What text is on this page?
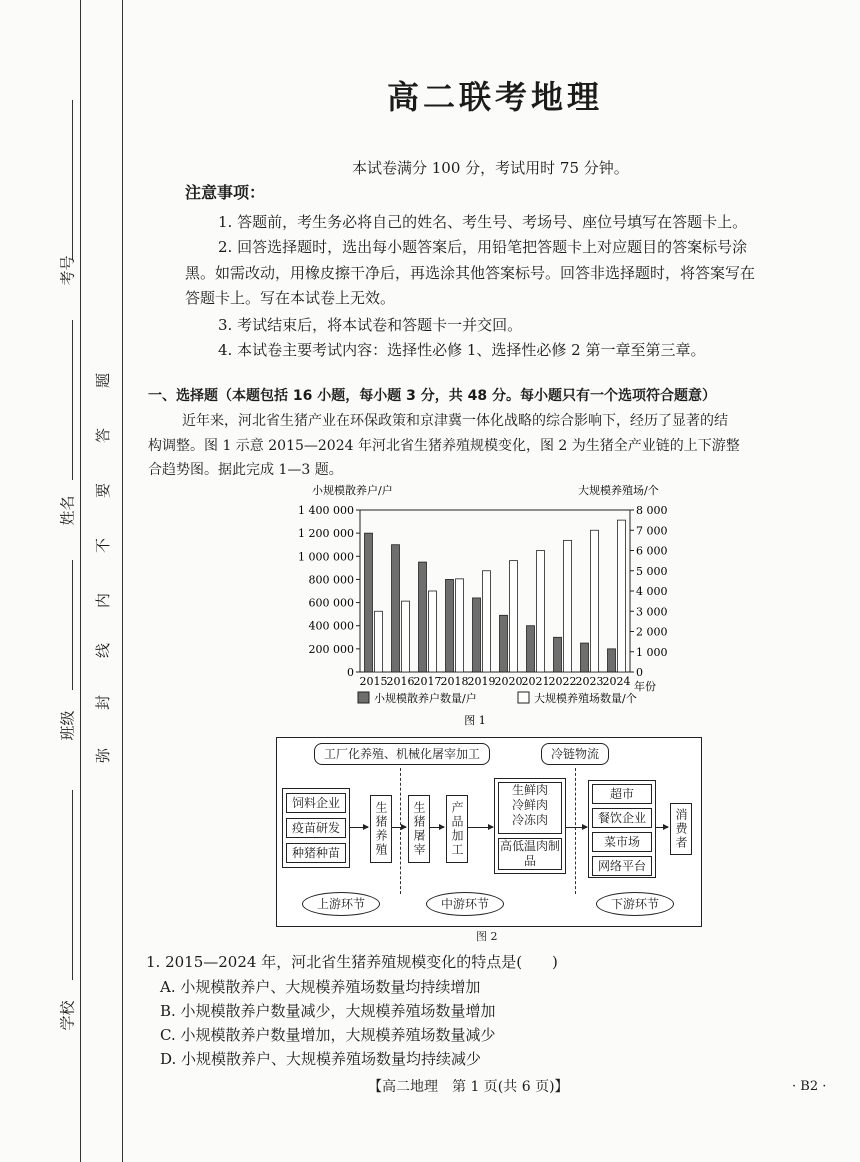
考号
姓名
班级
学校
题
答
要
不
内
线
封
弥
高二联考地理
本试卷满分 100 分，考试用时 75 分钟。
注意事项：
1. 答题前，考生务必将自己的姓名、考生号、考场号、座位号填写在答题卡上。
2. 回答选择题时，选出每小题答案后，用铅笔把答题卡上对应题目的答案标号涂
黑。如需改动，用橡皮擦干净后，再选涂其他答案标号。回答非选择题时，将答案写在
答题卡上。写在本试卷上无效。
3. 考试结束后，将本试卷和答题卡一并交回。
4. 本试卷主要考试内容：选择性必修 1、选择性必修 2 第一章至第三章。
一、选择题（本题包括 16 小题，每小题 3 分，共 48 分。每小题只有一个选项符合题意）
近年来，河北省生猪产业在环保政策和京津冀一体化战略的综合影响下，经历了显著的结
构调整。图 1 示意 2015—2024 年河北省生猪养殖规模变化，图 2 为生猪全产业链的上下游整
合趋势图。据此完成 1—3 题。
小规模散养户/户	大规模养殖场/个
0
200 000
400 000
600 000
800 000
1 000 000
1 200 000
1 400 000
0
1 000
2 000
3 000
4 000
5 000
6 000
7 000
8 000
2015 2016 2017 2018 2019 2020 2021 2022 2023 2024 年份
小规模散养户数量/户	大规模养殖场数量/个
图 1
工厂化养殖、机械化屠宰加工	冷链物流
饲料企业
疫苗研发
种猪种苗	生猪养殖	生猪屠宰	产品加工
生鲜肉
冷鲜肉
冷冻肉
高低温肉制品
超市
餐饮企业
菜市场
网络平台
消费者
上游环节	中游环节	下游环节
图 2
1. 2015—2024 年，河北省生猪养殖规模变化的特点是(　　)
A. 小规模散养户、大规模养殖场数量均持续增加
B. 小规模散养户数量减少，大规模养殖场数量增加
C. 小规模散养户数量增加，大规模养殖场数量减少
D. 小规模散养户、大规模养殖场数量均持续减少
【高二地理　第 1 页(共 6 页)】	· B2 ·
